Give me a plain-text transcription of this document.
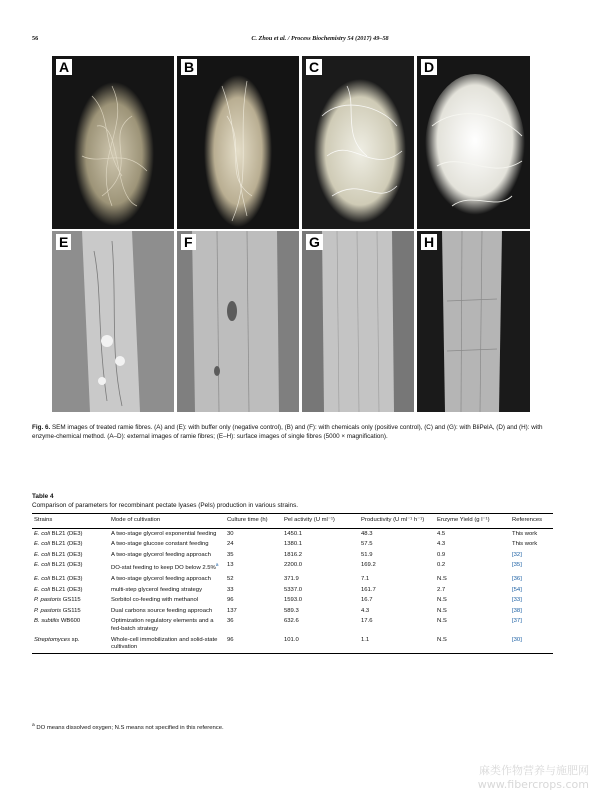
56	C. Zhou et al. / Process Biochemistry 54 (2017) 49–58
A	B	C	D
E	F	G	H
Fig. 6. SEM images of treated ramie fibres. (A) and (E): with buffer only (negative control), (B) and (F): with chemicals only (positive control), (C) and (G): with BliPelA, (D) and (H): with enzyme-chemical method. (A–D): external images of ramie fibres; (E–H): surface images of single fibres (5000 × magnification).
Table 4
Comparison of parameters for recombinant pectate lyases (Pels) production in various strains.
Strains	Mode of cultivation	Culture time (h)	Pel activity (U ml⁻¹)	Productivity (U ml⁻¹ h⁻¹)	Enzyme Yield (g l⁻¹)	References
E. coli BL21 (DE3)	A two-stage glycerol exponential feeding	30	1450.1	48.3	4.5	This work
E. coli BL21 (DE3)	A two-stage glucose constant feeding	24	1380.1	57.5	4.3	This work
E. coli BL21 (DE3)	A two-stage glycerol feeding approach	35	1816.2	51.9	0.9	[32]
E. coli BL21 (DE3)	DO-stat feeding to keep DO below 2.5%$^a$	13	2200.0	169.2	0.2	[35]
E. coli BL21 (DE3)	A two-stage glycerol feeding approach	52	371.9	7.1	N.S	[36]
E. coli BL21 (DE3)	multi-step glycerol feeding strategy	33	5337.0	161.7	2.7	[54]
P. pastoris GS115	Sorbitol co-feeding with methanol	96	1593.0	16.7	N.S	[33]
P. pastoris GS115	Dual carbons source feeding approach	137	589.3	4.3	N.S	[38]
B. subtilis WB600	Optimization regulatory elements and a fed-batch strategy	36	632.6	17.6	N.S	[37]
Streptomyces sp.	Whole-cell immobilization and solid-state cultivation	96	101.0	1.1	N.S	[30]
$^a$ DO means dissolved oxygen; N.S means not specified in this reference.
麻类作物营养与施肥网
www.fibercrops.com
